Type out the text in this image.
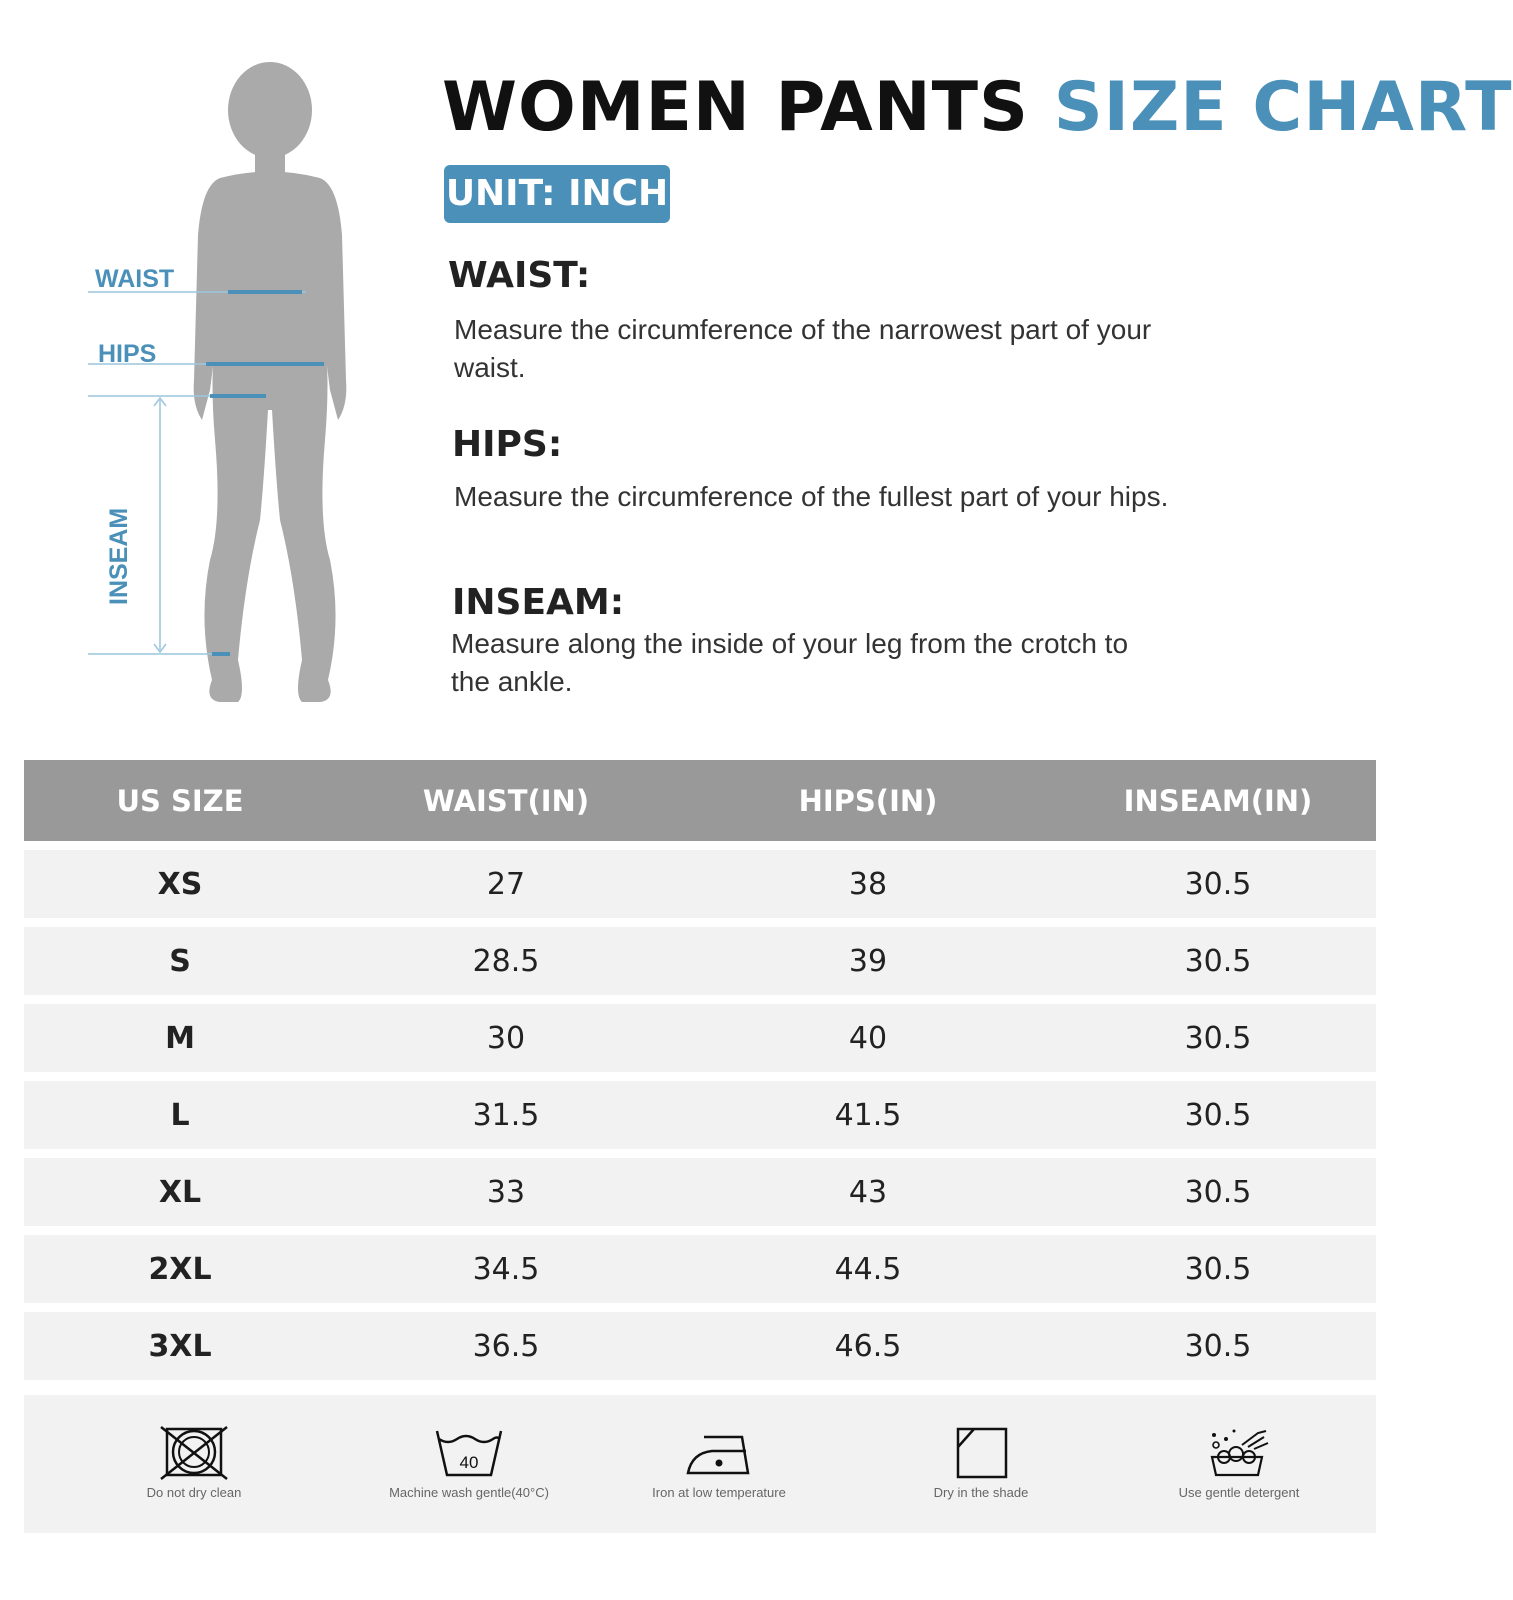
WAIST
HIPS
INSEAM
WOMEN PANTS SIZE CHART
UNIT: INCH
WAIST:
Measure the circumference of the narrowest part of your waist.
HIPS:
Measure the circumference of the fullest part of your hips.
INSEAM:
Measure along the inside of your leg from the crotch to the ankle.
US SIZE	WAIST(IN)	HIPS(IN)	INSEAM(IN)
XS	27	38	30.5
S	28.5	39	30.5
M	30	40	30.5
L	31.5	41.5	30.5
XL	33	43	30.5
2XL	34.5	44.5	30.5
3XL	36.5	46.5	30.5
Do not dry clean
40
Machine wash gentle(40°C)	Iron at low temperature	Dry in the shade	Use gentle detergent
